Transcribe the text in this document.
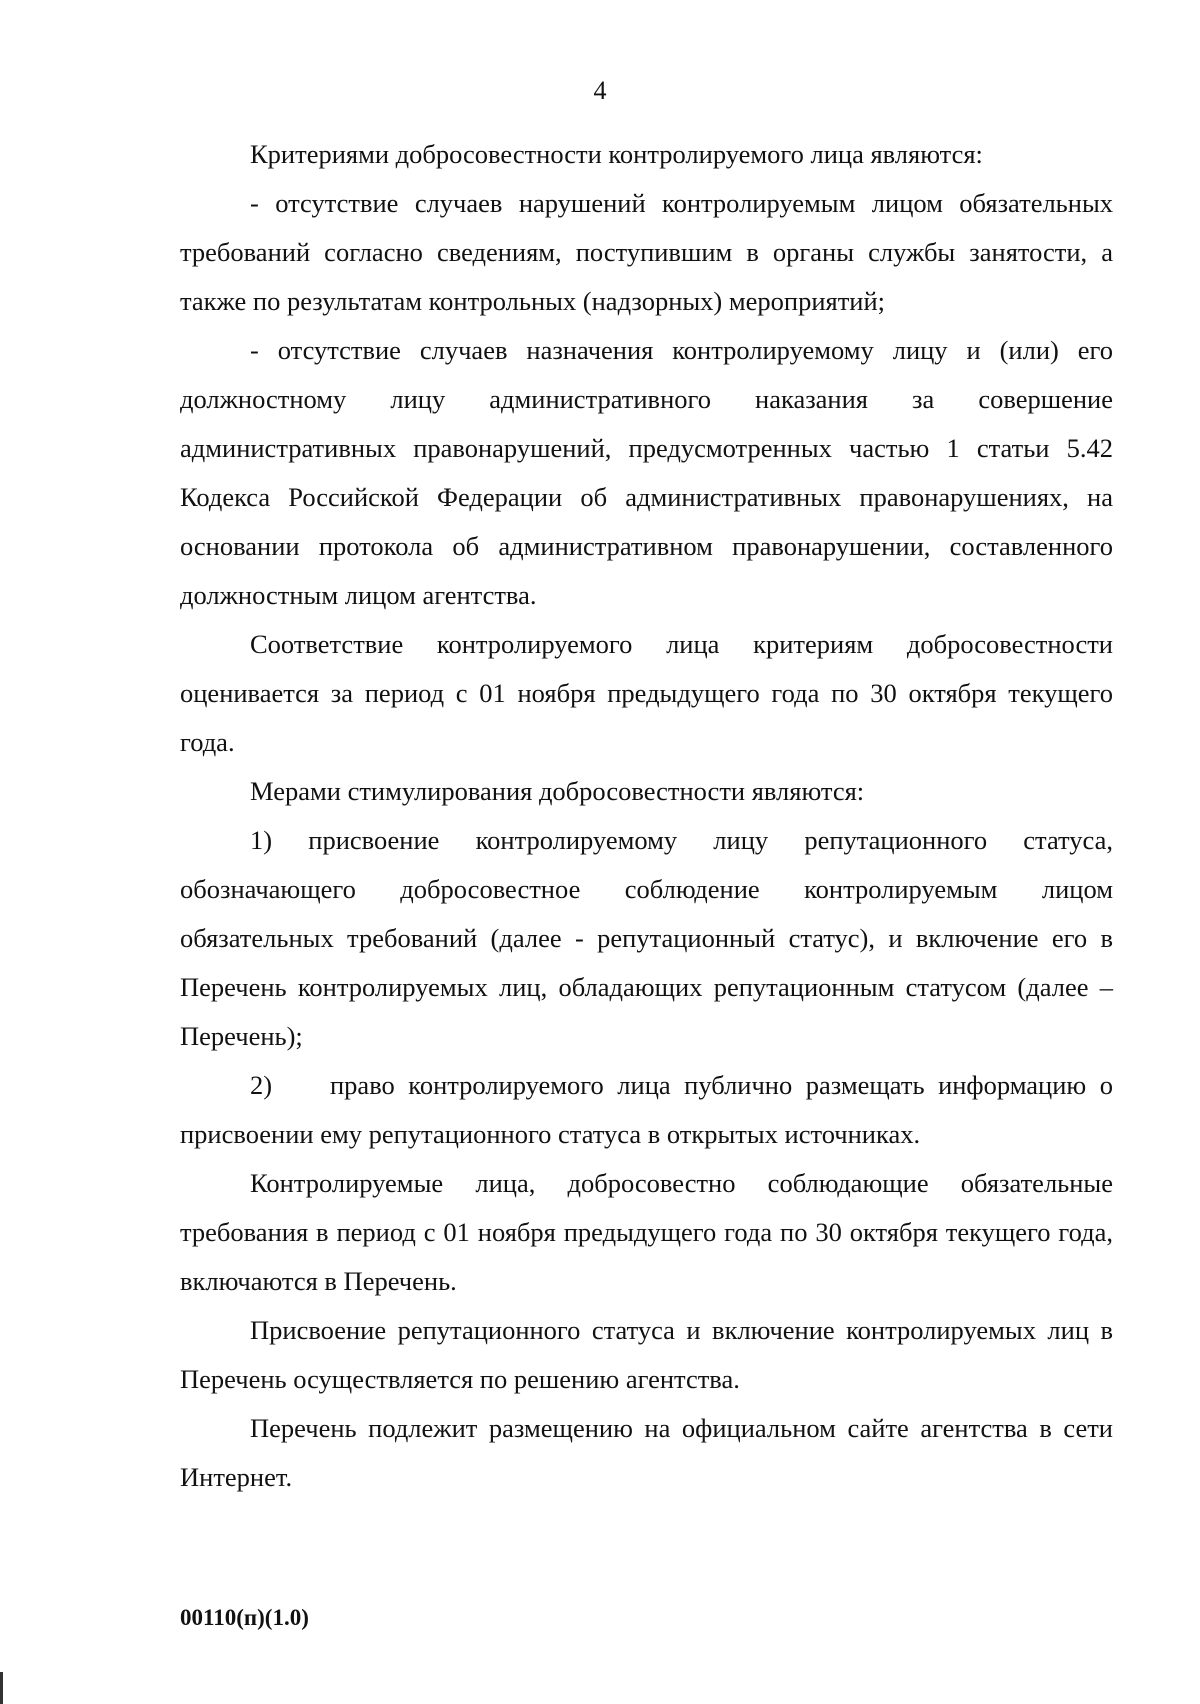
4

Критериями добросовестности контролируемого лица являются:

- отсутствие случаев нарушений контролируемым лицом обязательных требований согласно сведениям, поступившим в органы службы занятости, а также по результатам контрольных (надзорных) мероприятий;

- отсутствие случаев назначения контролируемому лицу и (или) его должностному лицу административного наказания за совершение административных правонарушений, предусмотренных частью 1 статьи 5.42 Кодекса Российской Федерации об административных правонарушениях, на основании протокола об административном правонарушении, составленного должностным лицом агентства.

Соответствие контролируемого лица критериям добросовестности оценивается за период с 01 ноября предыдущего года по 30 октября текущего года.

Мерами стимулирования добросовестности являются:

1) присвоение контролируемому лицу репутационного статуса, обозначающего добросовестное соблюдение контролируемым лицом обязательных требований (далее - репутационный статус), и включение его в Перечень контролируемых лиц, обладающих репутационным статусом (далее – Перечень);

2) право контролируемого лица публично размещать информацию о присвоении ему репутационного статуса в открытых источниках.

Контролируемые лица, добросовестно соблюдающие обязательные требования в период с 01 ноября предыдущего года по 30 октября текущего года, включаются в Перечень.

Присвоение репутационного статуса и включение контролируемых лиц в Перечень осуществляется по решению агентства.

Перечень подлежит размещению на официальном сайте агентства в сети Интернет.

00110(п)(1.0)
